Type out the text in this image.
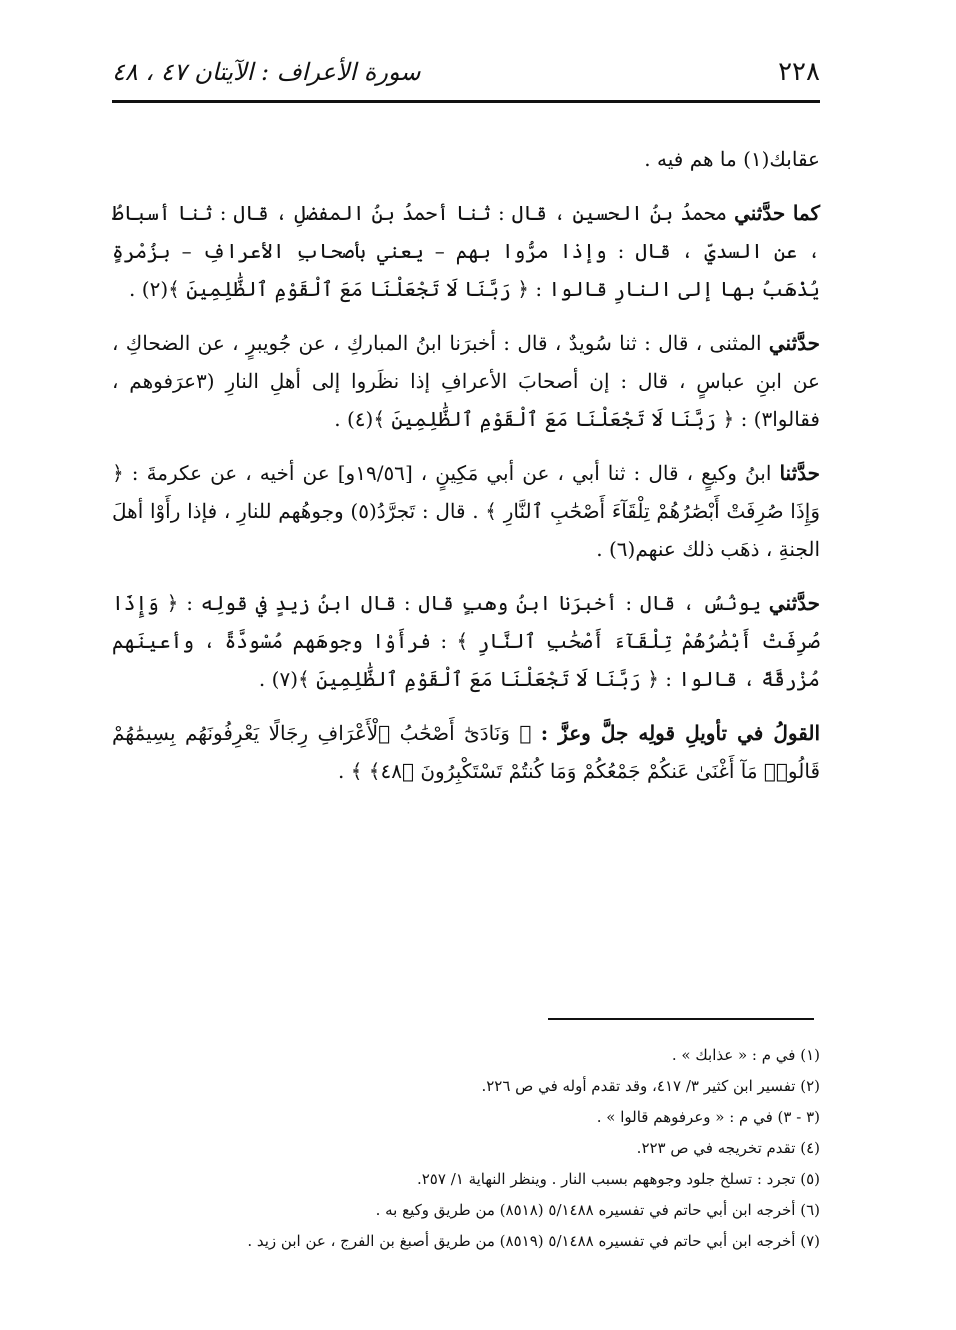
٢٢٨
سورة الأعراف : الآيتان ٤٧ ، ٤٨

عقابك(١) ما هم فيه .

كما حدَّثني محمدُ بنُ الحسينِ ، قال : ثنا أحمدُ بنُ المفضلِ ، قال : ثنا أسباطُ ، عن السديِّ ، قال : وإذا مرُّوا بهم – يعني بأصحابِ الأعرافِ – بزُمْرةٍ يُذْهَبُ بها إلى النارِ قالوا : ﴿ رَبَّنَا لَا تَجْعَلْنَا مَعَ ٱلْقَوْمِ ٱلظَّٰلِمِينَ ﴾(٢) .

حدَّثني المثنى ، قال : ثنا سُويدٌ ، قال : أخبرَنا ابنُ المباركِ ، عن جُويبرٍ ، عن الضحاكِ ، عن ابنِ عباسٍ ، قال : إن أصحابَ الأعرافِ إذا نظَروا إلى أهلِ النارِ (٣عرَفوهم ، فقالوا٣) : ﴿ رَبَّنَا لَا تَجْعَلْنَا مَعَ ٱلْقَوْمِ ٱلظَّٰلِمِينَ ﴾(٤) .

حدَّثنا ابنُ وكيعٍ ، قال : ثنا أبي ، عن أبي مَكِينٍ ، [١٩/٥٦و] عن أخيه ، عن عكرمةَ : ﴿ وَإِذَا صُرِفَتْ أَبْصَٰرُهُمْ تِلْقَآءَ أَصْحَٰبِ ٱلنَّارِ ﴾ . قال : تَجرَّدُ(٥) وجوهُهم للنارِ ، فإذا رأَوْا أهلَ الجنةِ ، ذهَب ذلك عنهم(٦) .

حدَّثني يونُسُ ، قال : أخبرَنا ابنُ وهبٍ قال : قال ابنُ زيدٍ في قولِه : ﴿ وَإِذَا صُرِفَتْ أَبْصَٰرُهُمْ تِلْقَآءَ أَصْحَٰبِ ٱلنَّارِ ﴾ : فرأَوْا وجوهَهم مُسْودَّةً ، وأعينَهم مُزْرقَّةً ، قالوا : ﴿ رَبَّنَا لَا تَجْعَلْنَا مَعَ ٱلْقَوْمِ ٱلظَّٰلِمِينَ ﴾(٧) .

القولُ في تأويلِ قولِه جلَّ وعزَّ : ﴿ وَنَادَىٰٓ أَصْحَٰبُ ٱلْأَعْرَافِ رِجَالًا يَعْرِفُونَهُم بِسِيمَٰهُمْ قَالُوا۟ مَآ أَغْنَىٰ عَنكُمْ جَمْعُكُمْ وَمَا كُنتُمْ تَسْتَكْبِرُونَ ﴿٤٨﴾ ﴾ .

(١) في م : « عذابك » .
(٢) تفسير ابن كثير ٣/ ٤١٧، وقد تقدم أوله في ص ٢٢٦.
(٣ - ٣) في م : « وعرفوهم قالوا » .
(٤) تقدم تخريجه في ص ٢٢٣.
(٥) تجرد : تسلخ جلود وجوههم بسبب النار . وينظر النهاية ١/ ٢٥٧.
(٦) أخرجه ابن أبي حاتم في تفسيره ٥/١٤٨٨ (٨٥١٨) من طريق وكيع به .
(٧) أخرجه ابن أبي حاتم في تفسيره ٥/١٤٨٨ (٨٥١٩) من طريق أصبغ بن الفرج ، عن ابن زيد .
